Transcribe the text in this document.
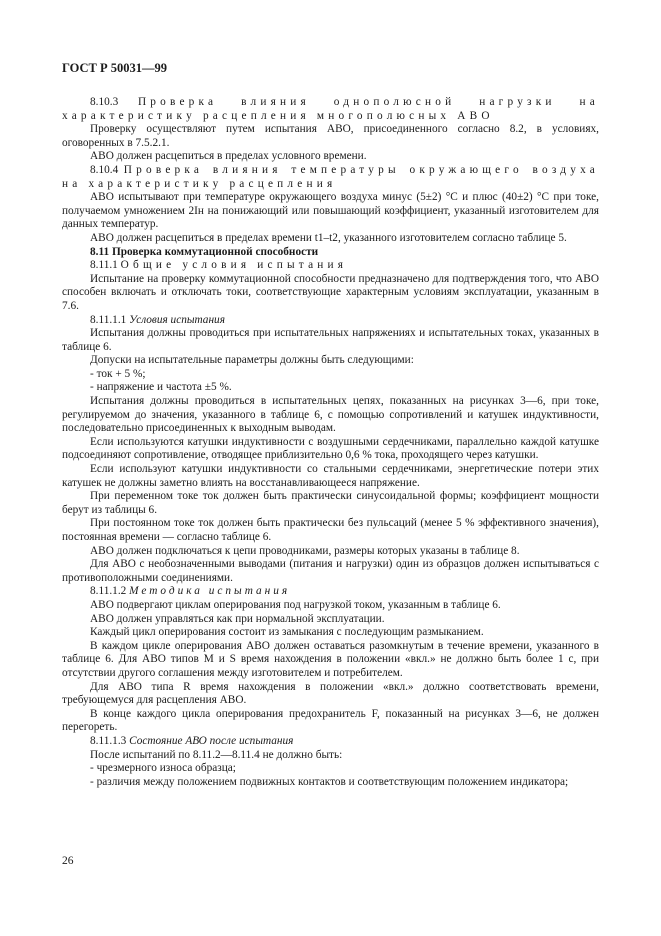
ГОСТ Р 50031—99

8.10.3 Проверка влияния однополюсной нагрузки на характеристику расцепления многополюсных АВО

Проверку осуществляют путем испытания АВО, присоединенного согласно 8.2, в условиях, оговоренных в 7.5.2.1.

АВО должен расцепиться в пределах условного времени.

8.10.4 Проверка влияния температуры окружающего воздуха на характеристику расцепления

АВО испытывают при температуре окружающего воздуха минус (5±2) °С и плюс (40±2) °С при токе, получаемом умножением 2Iн на понижающий или повышающий коэффициент, указанный изготовителем для данных температур.

АВО должен расцепиться в пределах времени t1–t2, указанного изготовителем согласно таблице 5.

8.11 Проверка коммутационной способности

8.11.1 Общие условия испытания

Испытание на проверку коммутационной способности предназначено для подтверждения того, что АВО способен включать и отключать токи, соответствующие характерным условиям эксплуатации, указанным в 7.6.

8.11.1.1 Условия испытания

Испытания должны проводиться при испытательных напряжениях и испытательных токах, указанных в таблице 6.

Допуски на испытательные параметры должны быть следующими:

- ток + 5 %;

- напряжение и частота ±5 %.

Испытания должны проводиться в испытательных цепях, показанных на рисунках 3—6, при токе, регулируемом до значения, указанного в таблице 6, с помощью сопротивлений и катушек индуктивности, последовательно присоединенных к выходным выводам.

Если используются катушки индуктивности с воздушными сердечниками, параллельно каждой катушке подсоединяют сопротивление, отводящее приблизительно 0,6 % тока, проходящего через катушки.

Если используют катушки индуктивности со стальными сердечниками, энергетические потери этих катушек не должны заметно влиять на восстанавливающееся напряжение.

При переменном токе ток должен быть практически синусоидальной формы; коэффициент мощности берут из таблицы 6.

При постоянном токе ток должен быть практически без пульсаций (менее 5 % эффективного значения), постоянная времени — согласно таблице 6.

АВО должен подключаться к цепи проводниками, размеры которых указаны в таблице 8.

Для АВО с необозначенными выводами (питания и нагрузки) один из образцов должен испытываться с противоположными соединениями.

8.11.1.2 Методика испытания

АВО подвергают циклам оперирования под нагрузкой током, указанным в таблице 6.

АВО должен управляться как при нормальной эксплуатации.

Каждый цикл оперирования состоит из замыкания с последующим размыканием.

В каждом цикле оперирования АВО должен оставаться разомкнутым в течение времени, указанного в таблице 6. Для АВО типов М и S время нахождения в положении «вкл.» не должно быть более 1 с, при отсутствии другого соглашения между изготовителем и потребителем.

Для АВО типа R время нахождения в положении «вкл.» должно соответствовать времени, требующемуся для расцепления АВО.

В конце каждого цикла оперирования предохранитель F, показанный на рисунках 3—6, не должен перегореть.

8.11.1.3 Состояние АВО после испытания

После испытаний по 8.11.2—8.11.4 не должно быть:

- чрезмерного износа образца;

- различия между положением подвижных контактов и соответствующим положением индикатора;

26
